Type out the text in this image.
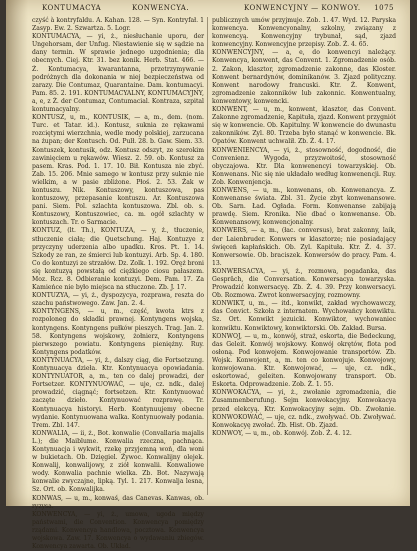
KONTUMACYA	KONWENCYA.	KONWENCYJNY — KONWOY. 1075

czyść à kontryfaldu. A. Kahan. 128. — Syn. Kontryfał. 1 Zasyp. Ew. 2. Szwartza. 5. Logr.

KONTUMACYA, — yi, ż., niesłuchanie uporu, der Ungehorsam, der Unfug. Niestawienie się w sądzie na dany termin. W sprawie jednego uzgodnienia; dla obecnych. Ciej. Ktr. 31. bez konik. Herb. Stat. 466. — Ż. Kontumacya, kwarantanna, przetrzymywanie podróżnych dla dokonania w niej bezpieczeństwa od zarazy. Die Contumaz, Quarantaine. Dam. kontumacyi. Pam. 85. 2. 191. KONTUMACYALNY, KONTUMACYJNY, a, e, z Ż. der Contumaz, Contumacial. Kontraza, szpital kontumacyalny.

KONTUSZ, u, m., KONTUSIK, — a, m., dem. (nom. Turc. et Tatar. id.). Kontusz, suknia ze rękawami rozciętymi wierzchnia, wedle mody polskiej, zarzucana na żupan; der Kontusch. Od. Pulł. 28. b. Gaw. Siem. 33. Kontuszek, kontusik, odz. Kontusz odszyt, ze szerokim zawinięciem u rękawów. Wiesz. 2. 59. ob. Kontusz za pasem. Kras. Pod. 1. 17. 10. Bił. Kontusza nie zbyć. Zab. 15. 206. Mnie samego w kontusz przy suknie nie wielkim, a w pasie zbliżone. Płoś. 2. 53. Żak w kontuszu. Nik. Kontuszowy, kontuszowa, pas kontuszowy, przepasanie kontuszu. Ar. Kontuszowa pani. Siem. Pol. szlachta kontuszowa. Zbl. ob. s. Kontuszowy, Kontuszowiec, ca. m. ogół szlachty w kontuszach. Tr. o Sarmacie.

KONTUZ, (lt. Th.), KONTUZA, — y, ż., tłuczenie, stłuczenie ciała; die Quetschung. Haj. Kontuzye z przyczyny uderzenia albo upadku. Kros. Pt. 1. 14. Szkody ze ran, ze śmierci lub kontuzyi. Arb. Sp. 4. 180. Co do kontuzyi ze strzałów. Dz. Zolk. 1. 192. Oręż broni się kontuzyą powstałą od ciężkiego ciosu pałaszem. Moz. Rcz. 8. Odbieranie kontuzyi. Dem. Pam. 17. Za Kamieńce nie było miejsca na stłuczone. Zb. J. 17.

KONTUZYA, — yi, ż., dyspozycya, rozprawa, reszta do szachu państwowego. Zaw. Jan. 2. 4.

KONTYNGENS, — u, m., część, kwota ktrs z rozpoloneg do składki prawnej. Kontyngens wojska, kontyngens. Kontyngens pułków pieszych. Trag. Jan. 2. 58. Kontyngens wojskowy, żołnierz, Kontyngens pierwszego powiatu. Kontyngens pieniężny. Ruy. Kontyngens podatków.

KONTYNUACYA, — yi, ż., dalszy ciąg, die Fortsetzung. Kontynuacya dzieła. Ktr. Kontynuacya opowiadania. KONTYNUATOR, a, m., ten co dalej prowadzi, der Fortsetzer. KONTYNUOWAĆ, — uje, cz. ndk., dalej prowadzić, ciągnąć; fortsetzen. Ktr. Kontynuować zaczęte dzieło. Kontynuować rozprawę. Tr. Kontynuacya historyi. Herb. Kontynuujemy obecne wydanie. Kontynuowana walka. Kontynuowały podania. Trem. Zbl. 147.

KONWALIA, — ii, ż., Bot. konwalie (Convallaria majalis L.); die Maiblume. Konwalia rzeczna, pachnąca. Kontynuacja i wykwit, rzekę przyjemną woń, dla woni w bukietach. Ob. Dzięgiel. Żywoc. Konwalijny olejek. Konwalij, konwalijowy, z ziół konwalii. Konwaliowe wody. Konwalia pachnie wielka. Zb. Bot. Nazywają konwalie zwyczajne, lipką. Tyl. 1. 217. Konwalja lesna, Sz. Ort. ob. Konwalijka.

KONWAS, — u, m., konwaś, das Canevas. Kanwas, ob. ryzysa.

KONWENCYA, — yi, ż., umowa, ugoda między państwami, die Convention. Konwencya pomiędzy rządami. Konwencya handlowa, pocztowa. Konwencya wojskowa. Zaw. 17. Konwencya o wydawaniu zbiegów. Konwencya zawarta. Ob. Układ.

publicznych umów przyjmuje. Zob. 1. 47. Wyd. 12. Paryska konwencya. Konwencyonalny, szkolny, związany z konwencyą. Konwencyjny trybunał, sąd, zjazd konwencyjny. Konwencyjne przepisy. Zob. Ż. 4. 65.

KONWENCYJNY, — a, e, do konwencyi należący. Konwencya, konwent, das Convent. 1. Zgromadzenie osób. 2. Zakon, klasztor, zgromadzenie zakonne, das Kloster. Konwent bernardynów, dominikanów. 3. Zjazd polityczny. Konwent narodowy francuski. Ktr. Ż. Konwent, zgromadzenie zakonników lub zakonnic. Konwentualny, konwentowy, konwencki.

KONWENT, — u, m., konwent, klasztor, das Convent. Zakonne zgromadzenie, Kapituła, zjazd. Konwent przygniót się w konwencie. Ob. Kapitulny. W konwencie do dwunastu zakonników. Zyl. 80. Trzeba było stanąć w konwencie. Bk. Opatów. Konwent uchwalił. Zb. Ż. 4. 17.

KONWENIENCYA, — yi, ż., stosowność, dogodność, die Convenienz. Wygoda, przyzwoitość, stosowność obyczajowa. Ktr. Dla konwenencyi towarzyskiej. Ob. Konwenans. Nic się nie układało według konwenencji. Ruy. Zob. Konwenjencja.

KONWENS, — u, m., konwenans, ob. Konwenancya. Z. Konwenanse świata. Zbl. 31. Życie zbyt konwenansowe. Ob. Sarn. Ład. Ogłada. Form. Konwenanse zabijają prawdę. Siem. Kronika. Nie dbać o konwenanse. Ob. Konwenansowy, konwencjonalny.

KONWERS, — a, m., (łac. conversus), brat zakonny, laik, der Laienbruder. Konwers w klasztorze; nie posiadający święceń kapłańskich. Ob. Zyl. Kapituła. Ktr. Ż. 4. 37. Konwersowie. Ob. braciszek. Konwersów do pracy. Pam. 4. 13.

KONWERSACYA, — yi, ż., rozmowa, pogadanka, das Gespräch, die Conversation. Konwersacya towarzyska. Prowadzić konwersacyę. Zb. Ż. 4. 39. Przy konwersacyi. Ob. Rozmowa. Zwrot konwersacyjny, rozmowny.

KONWIKT, u, m., — itd., konwikt, zakład wychowawczy, das Convict. Szkoła z internatem. Wychowańcy konwiktu. Sz. Ort. Konwikt jezuicki. Konwiktor, wychowaniec konwiktu. Konwiktowy, konwiktorski. Ob. Zakład. Bursa.

KONWOJ, — u, m., konwój, straż, eskorta, die Bedeckung, das Geleit. Konwój wojskowy. Konwój okrętów, flota pod osłoną. Pod konwojem. Konwojowanie transportów. Zb. Wojsk. Konwojent, a, m. ten co konwojuje. Konwojowy, konwojowana. Ktr. Konwojować, — uje, cz. ndk., eskortować, geleiten. Konwojowany transport. Ob. Eskorta. Odprowadzenie. Zob. Ż. 1. 55.

KONWOKACYA, — yi, ż., zwołanie zgromadzenia, die Zusammenberufung. Sejm konwokacyjny. Konwokacya przed elekcyą. Ktr. Konwokacyjny sejm. Ob. Zwołanie. KONWOKOWAĆ, — uje, cz. ndk., zwoływać. Ob. Zwoływać. Konwokacyę zwołać. Zb. Hist. Ob. Zjazd.

KONWOY, — u, m., ob. Konwój. Zob. Ż. 4. 12.
